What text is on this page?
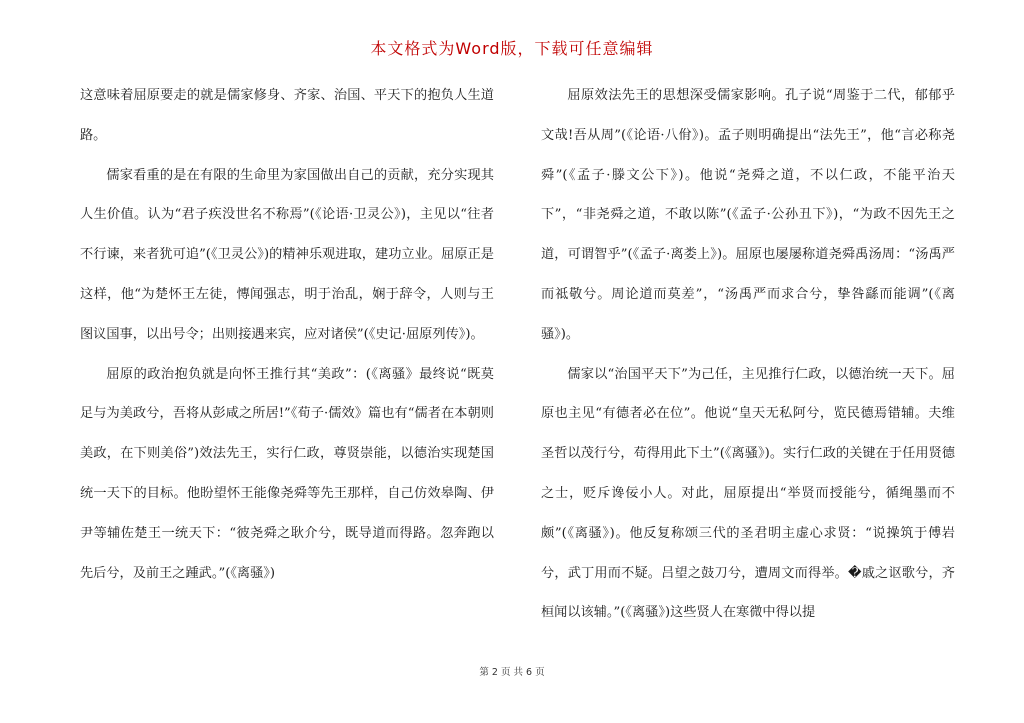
本文格式为Word版，下载可任意编辑

这意味着屈原要走的就是儒家修身、齐家、治国、平天下的抱负人生道路。

儒家看重的是在有限的生命里为家国做出自己的贡献，充分实现其人生价值。认为“君子疾没世名不称焉”(《论语·卫灵公》)，主见以“往者不行谏，来者犹可追”(《卫灵公》)的精神乐观进取，建功立业。屈原正是这样，他“为楚怀王左徒，慱闻强志，明于治乱，娴于辞令，人则与王图议国事，以出号令；出则接遇来宾，应对诸侯”(《史记·屈原列传》)。

屈原的政治抱负就是向怀王推行其“美政”：(《离骚》最终说“既莫足与为美政兮，吾将从彭咸之所居!”《荀子·儒效》篇也有“儒者在本朝则美政，在下则美俗”)效法先王，实行仁政，尊贤崇能，以德治实现楚国统一天下的目标。他盼望怀王能像尧舜等先王那样，自己仿效皋陶、伊尹等辅佐楚王一统天下：“彼尧舜之耿介兮，既导道而得路。忽奔跑以先后兮，及前王之踵武。”(《离骚》)

屈原效法先王的思想深受儒家影响。孔子说“周鉴于二代，郁郁乎文哉!吾从周”(《论语·八佾》)。孟子则明确提出“法先王”，他“言必称尧舜”(《孟子·滕文公下》)。他说“尧舜之道，不以仁政，不能平治天下”，“非尧舜之道，不敢以陈”(《孟子·公孙丑下》)，“为政不因先王之道，可谓智乎”(《孟子·离娄上》)。屈原也屡屡称道尧舜禹汤周：“汤禹严而祗敬兮。周论道而莫差”，“汤禹严而求合兮，挚咎繇而能调”(《离骚》)。

儒家以“治国平天下”为己任，主见推行仁政，以德治统一天下。屈原也主见“有德者必在位”。他说“皇天无私阿兮，览民德焉错辅。夫维圣哲以茂行兮，苟得用此下土”(《离骚》)。实行仁政的关键在于任用贤德之士，贬斥谗佞小人。对此，屈原提出“举贤而授能兮，循绳墨而不颇”(《离骚》)。他反复称颂三代的圣君明主虚心求贤：“说操筑于傅岩兮，武丁用而不疑。吕望之鼓刀兮，遭周文而得举。�戚之讴歌兮，齐桓闻以该辅。”(《离骚》)这些贤人在寒微中得以提

第 2 页 共 6 页
